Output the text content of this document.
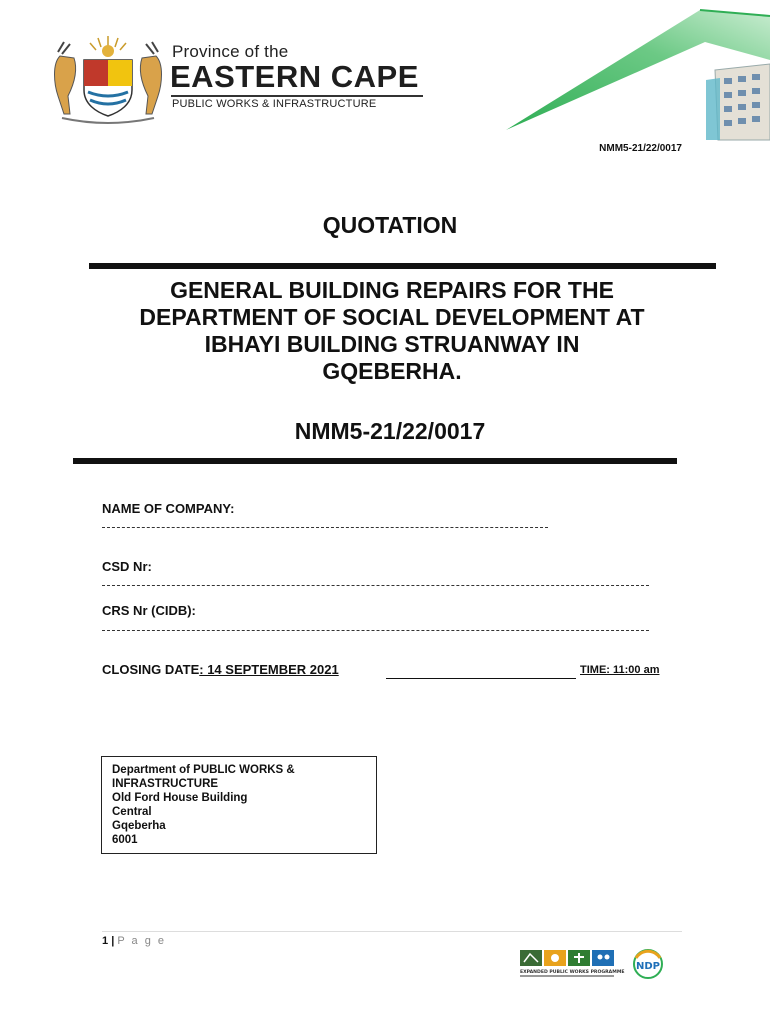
Province of the
EASTERN CAPE
PUBLIC WORKS & INFRASTRUCTURE
NMM5-21/22/0017
QUOTATION
GENERAL BUILDING REPAIRS FOR THE
DEPARTMENT OF SOCIAL DEVELOPMENT AT
IBHAYI BUILDING STRUANWAY IN
GQEBERHA.
NMM5-21/22/0017
NAME OF COMPANY:
CSD Nr:
CRS Nr (CIDB):
CLOSING DATE: 14 SEPTEMBER 2021	TIME: 11:00 am
Department of PUBLIC WORKS &
INFRASTRUCTURE
Old Ford House Building
Central
Gqeberha
6001
1 | P a g e
EXPANDED PUBLIC WORKS PROGRAMME
NDP
